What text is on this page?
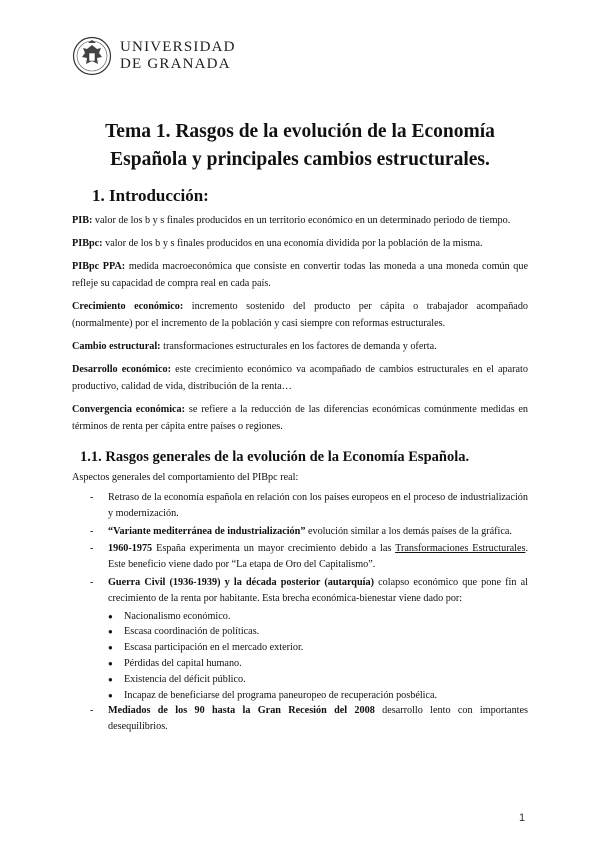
UNIVERSIDAD
DE GRANADA
Tema 1. Rasgos de la evolución de la Economía
Española y principales cambios estructurales.
1. Introducción:

PIB: valor de los b y s finales producidos en un territorio económico en un determinado periodo de tiempo.

PIBpc: valor de los b y s finales producidos en una economía dividida por la población de la misma.

PIBpc PPA: medida macroeconómica que consiste en convertir todas las moneda a una moneda común que refleje su capacidad de compra real en cada país.

Crecimiento económico: incremento sostenido del producto per cápita o trabajador acompañado (normalmente) por el incremento de la población y casi siempre con reformas estructurales.

Cambio estructural: transformaciones estructurales en los factores de demanda y oferta.

Desarrollo económico: este crecimiento económico va acompañado de cambios estructurales en el aparato productivo, calidad de vida, distribución de la renta…

Convergencia económica: se refiere a la reducción de las diferencias económicas comúnmente medidas en términos de renta per cápita entre países o regiones.

1.1. Rasgos generales de la evolución de la Economía Española.
Aspectos generales del comportamiento del PIBpc real:
- Retraso de la economía española en relación con los países europeos en el proceso de industrialización y modernización.
- “Variante mediterránea de industrialización” evolución similar a los demás países de la gráfica.
- 1960-1975 España experimenta un mayor crecimiento debido a las Transformaciones Estructurales. Este beneficio viene dado por “La etapa de Oro del Capitalismo”.
- Guerra Civil (1936-1939) y la década posterior (autarquía) colapso económico que pone fin al crecimiento de la renta por habitante. Esta brecha económica-bienestar viene dado por:
● Nacionalismo económico.
● Escasa coordinación de políticas.
● Escasa participación en el mercado exterior.
● Pérdidas del capital humano.
● Existencia del déficit público.
● Incapaz de beneficiarse del programa paneuropeo de recuperación posbélica.
- Mediados de los 90 hasta la Gran Recesión del 2008 desarrollo lento con importantes desequilibrios.
1
